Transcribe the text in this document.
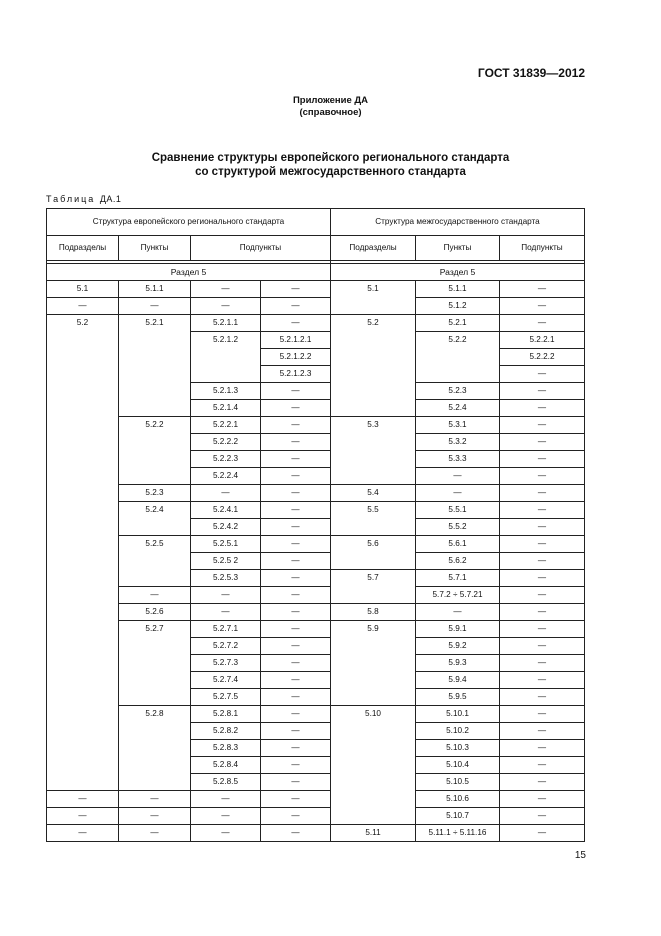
ГОСТ 31839—2012
Приложение ДА
(справочное)
Сравнение структуры европейского регионального стандарта
со структурой межгосударственного стандарта
Таблица ДА.1
Структура европейского регионального стандарта				Структура межгосударственного стандарта		
Подразделы	Пункты	Подпункты		Подразделы	Пункты	Подпункты

Раздел 5				Раздел 5		
5.1	5.1.1	—	—	5.1	5.1.1	—
—	—	—	—		5.1.2	—
5.2	5.2.1	5.2.1.1	—	5.2	5.2.1	—
		5.2.1.2	5.2.1.2.1		5.2.2	5.2.2.1
			5.2.1.2.2			5.2.2.2
			5.2.1.2.3			—
		5.2.1.3	—		5.2.3	—
		5.2.1.4	—		5.2.4	—
	5.2.2	5.2.2.1	—	5.3	5.3.1	—
		5.2.2.2	—		5.3.2	—
		5.2.2.3	—		5.3.3	—
		5.2.2.4	—		—	—
	5.2.3	—	—	5.4	—	—
	5.2.4	5.2.4.1	—	5.5	5.5.1	—
		5.2.4.2	—		5.5.2	—
	5.2.5	5.2.5.1	—	5.6	5.6.1	—
		5.2.5 2	—		5.6.2	—
		5.2.5.3	—	5.7	5.7.1	—
	—	—	—		5.7.2 ÷ 5.7.21	—
	5.2.6	—	—	5.8	—	—
	5.2.7	5.2.7.1	—	5.9	5.9.1	—
		5.2.7.2	—		5.9.2	—
		5.2.7.3	—		5.9.3	—
		5.2.7.4	—		5.9.4	—
		5.2.7.5	—		5.9.5	—
	5.2.8	5.2.8.1	—	5.10	5.10.1	—
		5.2.8.2	—		5.10.2	—
		5.2.8.3	—		5.10.3	—
		5.2.8.4	—		5.10.4	—
		5.2.8.5	—		5.10.5	—
—	—	—	—		5.10.6	—
—	—	—	—		5.10.7	—
—	—	—	—	5.11	5.11.1 ÷ 5.11.16	—
15
